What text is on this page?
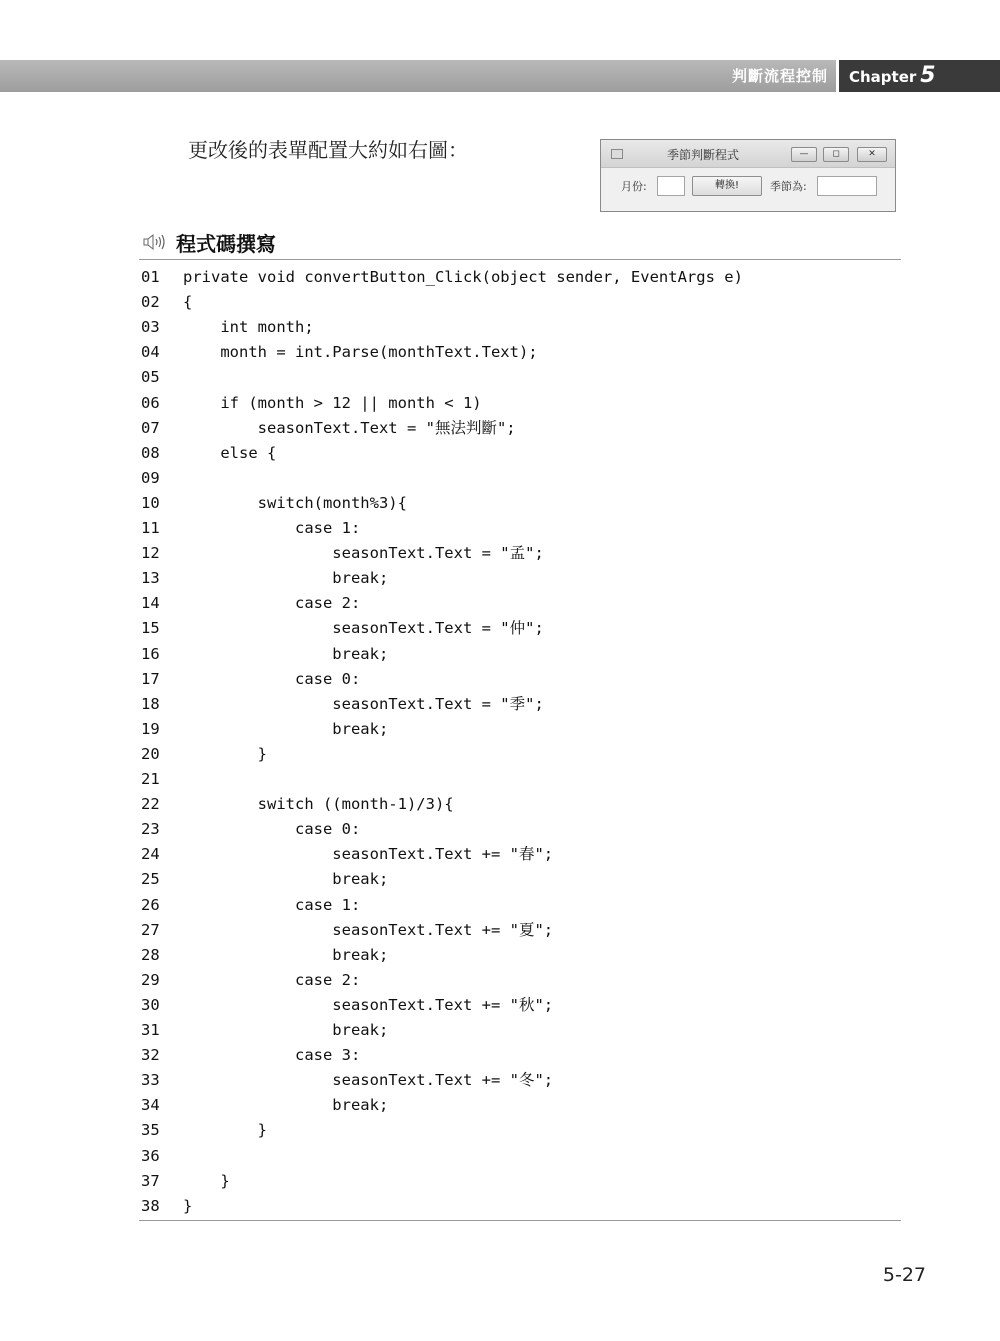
判斷流程控制	Chapter 5
更改後的表單配置大約如右圖：	季節判斷程式	—	◻	✕
月份:	轉換!	季節為:
程式碼撰寫
01 private void convertButton_Click(object sender, EventArgs e)
02 {
03    int month;
04    month = int.Parse(monthText.Text);
05
06    if (month > 12 || month < 1)
07        seasonText.Text = "無法判斷";
08    else {
09
10        switch(month%3){
11            case 1:
12                seasonText.Text = "孟";
13                break;
14            case 2:
15                seasonText.Text = "仲";
16                break;
17            case 0:
18                seasonText.Text = "季";
19                break;
20        }
21
22        switch ((month-1)/3){
23            case 0:
24                seasonText.Text += "春";
25                break;
26            case 1:
27                seasonText.Text += "夏";
28                break;
29            case 2:
30                seasonText.Text += "秋";
31                break;
32            case 3:
33                seasonText.Text += "冬";
34                break;
35        }
36
37    }
38 }
5-27
